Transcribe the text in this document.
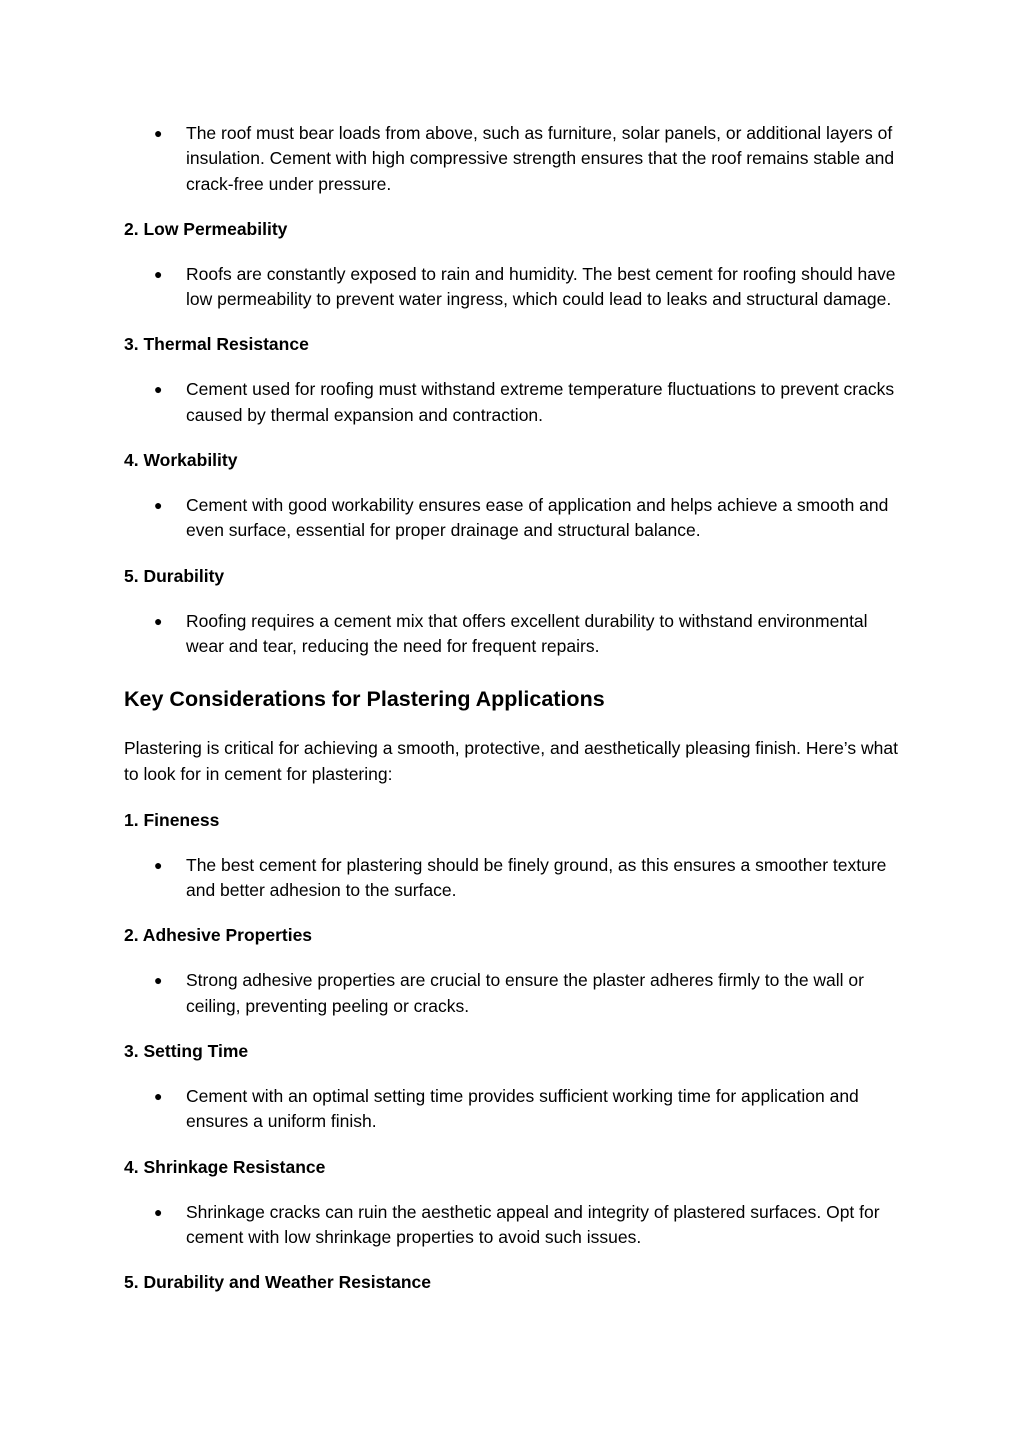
● The roof must bear loads from above, such as furniture, solar panels, or additional layers of insulation. Cement with high compressive strength ensures that the roof remains stable and crack-free under pressure.
2. Low Permeability
● Roofs are constantly exposed to rain and humidity. The best cement for roofing should have low permeability to prevent water ingress, which could lead to leaks and structural damage.
3. Thermal Resistance
● Cement used for roofing must withstand extreme temperature fluctuations to prevent cracks caused by thermal expansion and contraction.
4. Workability
● Cement with good workability ensures ease of application and helps achieve a smooth and even surface, essential for proper drainage and structural balance.
5. Durability
● Roofing requires a cement mix that offers excellent durability to withstand environmental wear and tear, reducing the need for frequent repairs.
Key Considerations for Plastering Applications
Plastering is critical for achieving a smooth, protective, and aesthetically pleasing finish. Here’s what to look for in cement for plastering:
1. Fineness
● The best cement for plastering should be finely ground, as this ensures a smoother texture and better adhesion to the surface.
2. Adhesive Properties
● Strong adhesive properties are crucial to ensure the plaster adheres firmly to the wall or ceiling, preventing peeling or cracks.
3. Setting Time
● Cement with an optimal setting time provides sufficient working time for application and ensures a uniform finish.
4. Shrinkage Resistance
● Shrinkage cracks can ruin the aesthetic appeal and integrity of plastered surfaces. Opt for cement with low shrinkage properties to avoid such issues.
5. Durability and Weather Resistance
